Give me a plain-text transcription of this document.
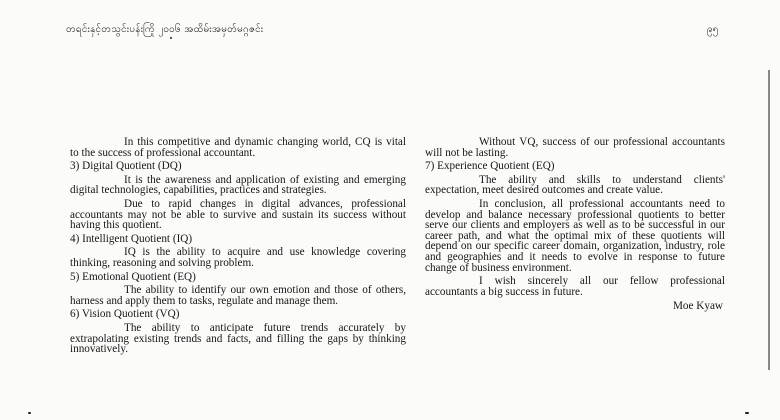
တရင်းနှင့်တသွင်းပန်းကြို ၂၀၀၆ အထိမ်းအမှတ်မဂ္ဂဇင်း	၉၅

In this competitive and dynamic changing world, CQ is vital to the success of professional accountant.

3) Digital Quotient (DQ)

It is the awareness and application of existing and emerging digital technologies, capabilities, practices and strategies.

Due to rapid changes in digital advances, professional accountants may not be able to survive and sustain its success without having this quotient.

4) Intelligent Quotient (IQ)

IQ is the ability to acquire and use knowledge covering thinking, reasoning and solving problem.

5) Emotional Quotient (EQ)

The ability to identify our own emotion and those of others, harness and apply them to tasks, regulate and manage them.

6) Vision Quotient (VQ)

The ability to anticipate future trends accurately by extrapolating existing trends and facts, and filling the gaps by thinking innovatively.

Without VQ, success of our professional accountants will not be lasting.

7) Experience Quotient (EQ)

The ability and skills to understand clients' expectation, meet desired outcomes and create value.

In conclusion, all professional accountants need to develop and balance necessary professional quotients to better serve our clients and employers as well as to be successful in our career path, and what the optimal mix of these quotients will depend on our specific career domain, organization, industry, role and geographies and it needs to evolve in response to future change of business environment.

I wish sincerely all our fellow professional accountants a big success in future.

Moe Kyaw
